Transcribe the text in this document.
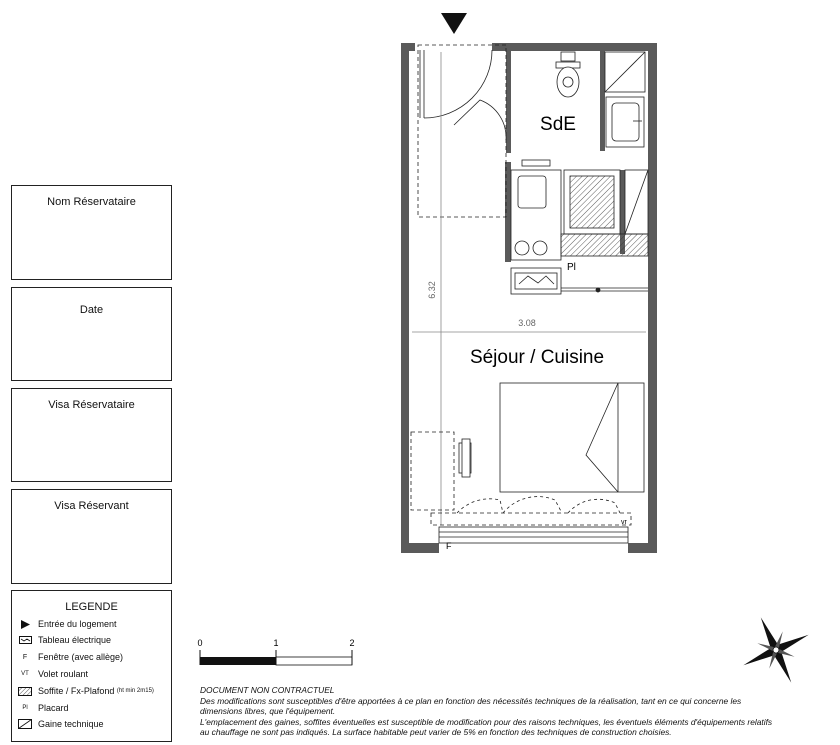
Nom Réservataire
Date
Visa Réservataire
Visa Réservant
LEGENDE
Entrée du logement
Tableau électrique
F	Fenêtre (avec allège)
VT	Volet roulant
Soffite / Fx-Plafond
(ht min 2m15)
Pl	Placard
Gaine technique
SdE
Séjour / Cuisine
6.32
3.08
Pl
F
vr
0	1	2
DOCUMENT NON CONTRACTUEL
Des modifications sont susceptibles d'être apportées à ce plan en fonction des nécessités techniques de la réalisation, tant en ce qui concerne les
dimensions libres, que l'équipement.
L'emplacement des gaines, soffites éventuelles est susceptible de modification pour des raisons techniques, les éventuels éléments d'équipements relatifs
au chauffage ne sont pas indiqués. La surface habitable peut varier de 5% en fonction des techniques de construction choisies.
